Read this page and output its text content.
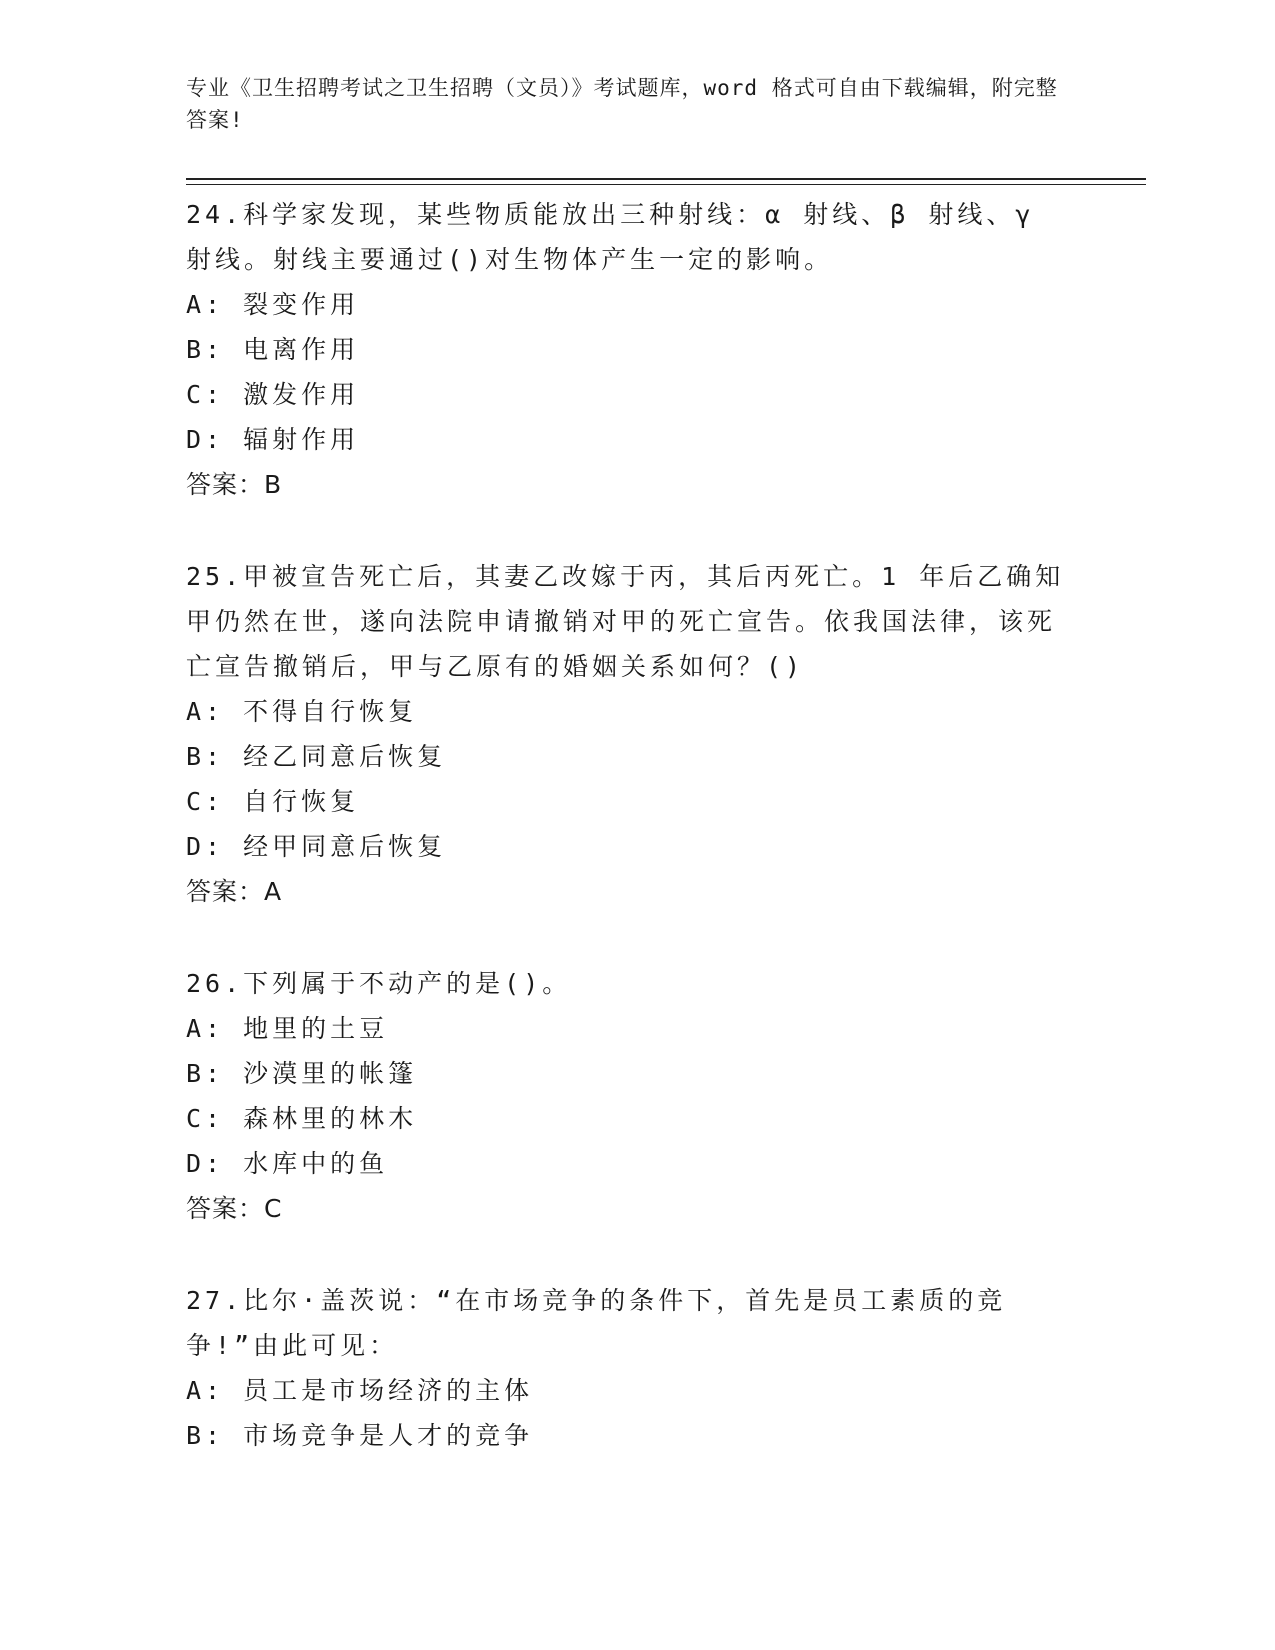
专业《卫生招聘考试之卫生招聘（文员）》考试题库，word 格式可自由下载编辑，附完整答案!

24.科学家发现，某些物质能放出三种射线：α 射线、β 射线、γ 射线。射线主要通过()对生物体产生一定的影响。

A: 裂变作用

B: 电离作用

C: 激发作用

D: 辐射作用

答案：B

25.甲被宣告死亡后，其妻乙改嫁于丙，其后丙死亡。1 年后乙确知甲仍然在世，遂向法院申请撤销对甲的死亡宣告。依我国法律，该死亡宣告撤销后，甲与乙原有的婚姻关系如何？()

A: 不得自行恢复

B: 经乙同意后恢复

C: 自行恢复

D: 经甲同意后恢复

答案：A

26.下列属于不动产的是()。

A: 地里的土豆

B: 沙漠里的帐篷

C: 森林里的林木

D: 水库中的鱼

答案：C

27.比尔·盖茨说：“在市场竞争的条件下，首先是员工素质的竞争!”由此可见：

A: 员工是市场经济的主体

B: 市场竞争是人才的竞争
